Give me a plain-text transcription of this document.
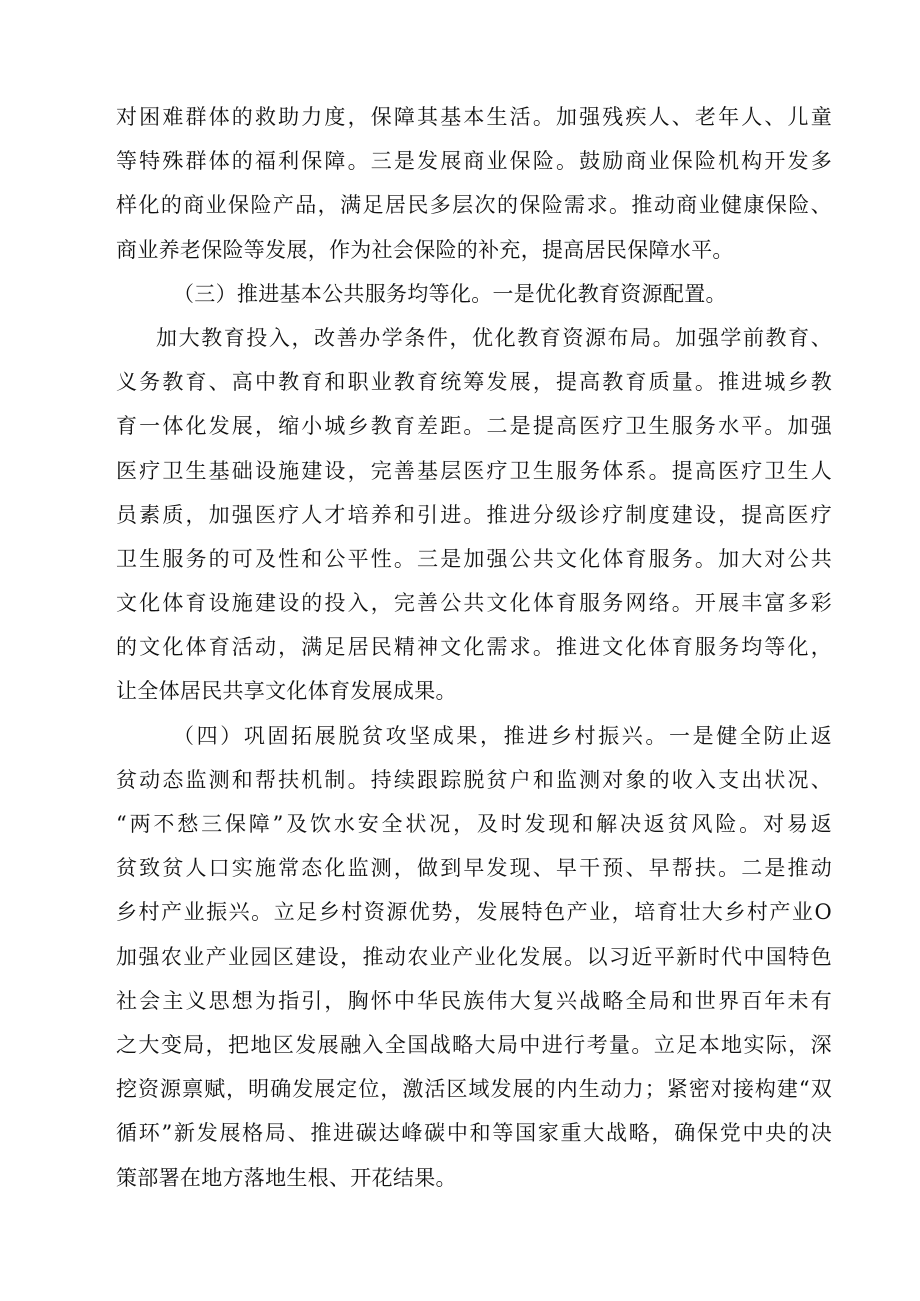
对困难群体的救助力度，保障其基本生活。加强残疾人、老年人、儿童
等特殊群体的福利保障。三是发展商业保险。鼓励商业保险机构开发多
样化的商业保险产品，满足居民多层次的保险需求。推动商业健康保险、
商业养老保险等发展，作为社会保险的补充，提高居民保障水平。
（三）推进基本公共服务均等化。一是优化教育资源配置。
加大教育投入，改善办学条件，优化教育资源布局。加强学前教育、
义务教育、高中教育和职业教育统筹发展，提高教育质量。推进城乡教
育一体化发展，缩小城乡教育差距。二是提高医疗卫生服务水平。加强
医疗卫生基础设施建设，完善基层医疗卫生服务体系。提高医疗卫生人
员素质，加强医疗人才培养和引进。推进分级诊疗制度建设，提高医疗
卫生服务的可及性和公平性。三是加强公共文化体育服务。加大对公共
文化体育设施建设的投入，完善公共文化体育服务网络。开展丰富多彩
的文化体育活动，满足居民精神文化需求。推进文化体育服务均等化，
让全体居民共享文化体育发展成果。
（四）巩固拓展脱贫攻坚成果，推进乡村振兴。一是健全防止返
贫动态监测和帮扶机制。持续跟踪脱贫户和监测对象的收入支出状况、
“两不愁三保障”及饮水安全状况，及时发现和解决返贫风险。对易返
贫致贫人口实施常态化监测，做到早发现、早干预、早帮扶。二是推动
乡村产业振兴。立足乡村资源优势，发展特色产业，培育壮大乡村产业O
加强农业产业园区建设，推动农业产业化发展。以习近平新时代中国特色
社会主义思想为指引，胸怀中华民族伟大复兴战略全局和世界百年未有
之大变局，把地区发展融入全国战略大局中进行考量。立足本地实际，深
挖资源禀赋，明确发展定位，激活区域发展的内生动力；紧密对接构建“双
循环”新发展格局、推进碳达峰碳中和等国家重大战略，确保党中央的决
策部署在地方落地生根、开花结果。
